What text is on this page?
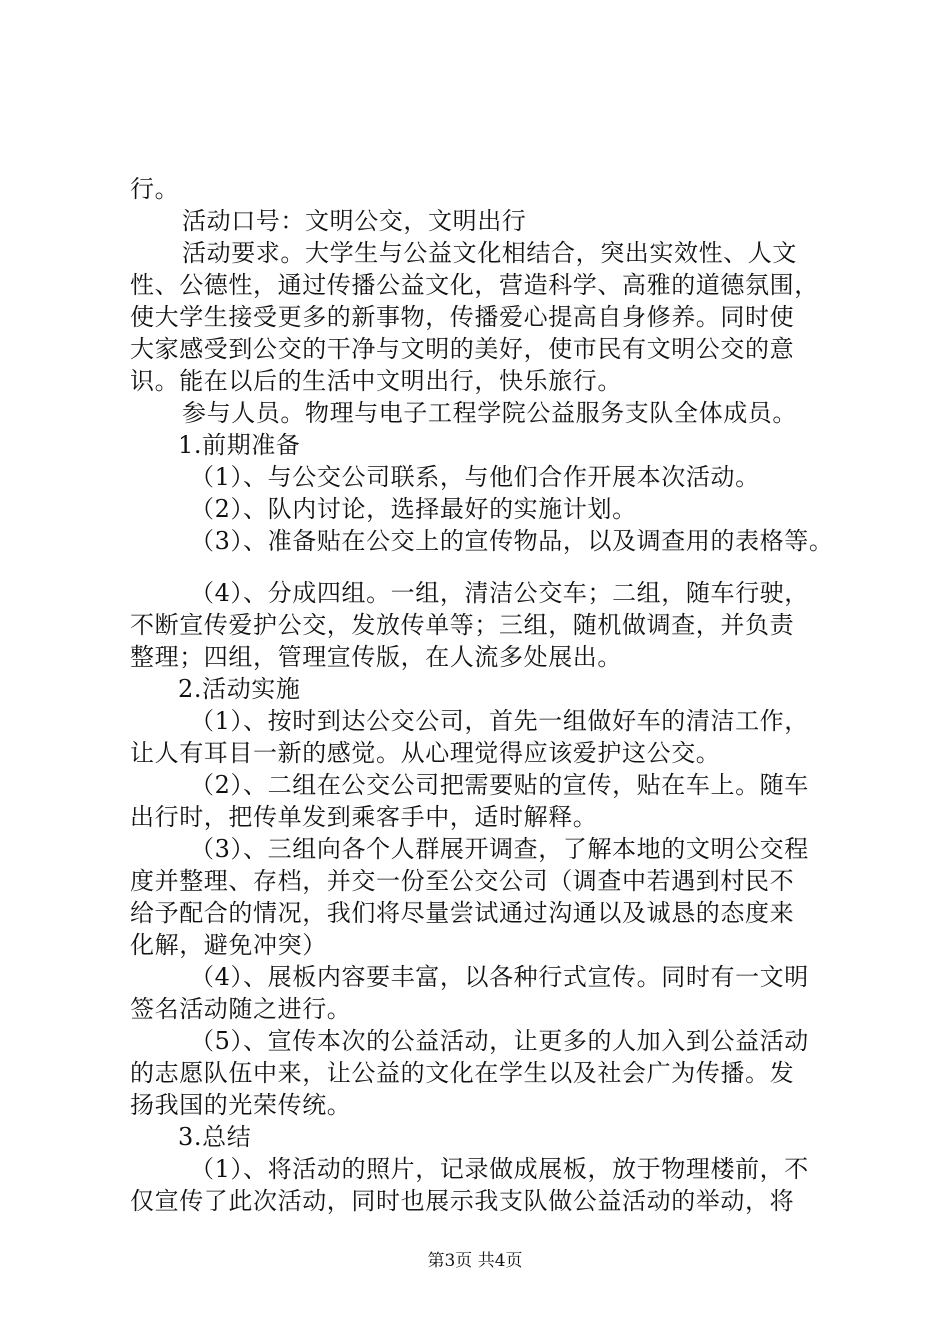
行。
活动口号：文明公交，文明出行
活动要求。大学生与公益文化相结合，突出实效性、人文
性、公德性，通过传播公益文化，营造科学、高雅的道德氛围，
使大学生接受更多的新事物，传播爱心提高自身修养。同时使
大家感受到公交的干净与文明的美好，使市民有文明公交的意
识。能在以后的生活中文明出行，快乐旅行。
参与人员。物理与电子工程学院公益服务支队全体成员。
1.前期准备
（1）、与公交公司联系，与他们合作开展本次活动。
（2）、队内讨论，选择最好的实施计划。
（3）、准备贴在公交上的宣传物品，以及调查用的表格等。
（4）、分成四组。一组，清洁公交车；二组，随车行驶，
不断宣传爱护公交，发放传单等；三组，随机做调查，并负责
整理；四组，管理宣传版，在人流多处展出。
2.活动实施
（1）、按时到达公交公司，首先一组做好车的清洁工作，
让人有耳目一新的感觉。从心理觉得应该爱护这公交。
（2）、二组在公交公司把需要贴的宣传，贴在车上。随车
出行时，把传单发到乘客手中，适时解释。
（3）、三组向各个人群展开调查，了解本地的文明公交程
度并整理、存档，并交一份至公交公司（调查中若遇到村民不
给予配合的情况，我们将尽量尝试通过沟通以及诚恳的态度来
化解，避免冲突）
（4）、展板内容要丰富，以各种行式宣传。同时有一文明
签名活动随之进行。
（5）、宣传本次的公益活动，让更多的人加入到公益活动
的志愿队伍中来，让公益的文化在学生以及社会广为传播。发
扬我国的光荣传统。
3.总结
（1）、将活动的照片，记录做成展板，放于物理楼前，不
仅宣传了此次活动，同时也展示我支队做公益活动的举动，将
第3页 共4页
